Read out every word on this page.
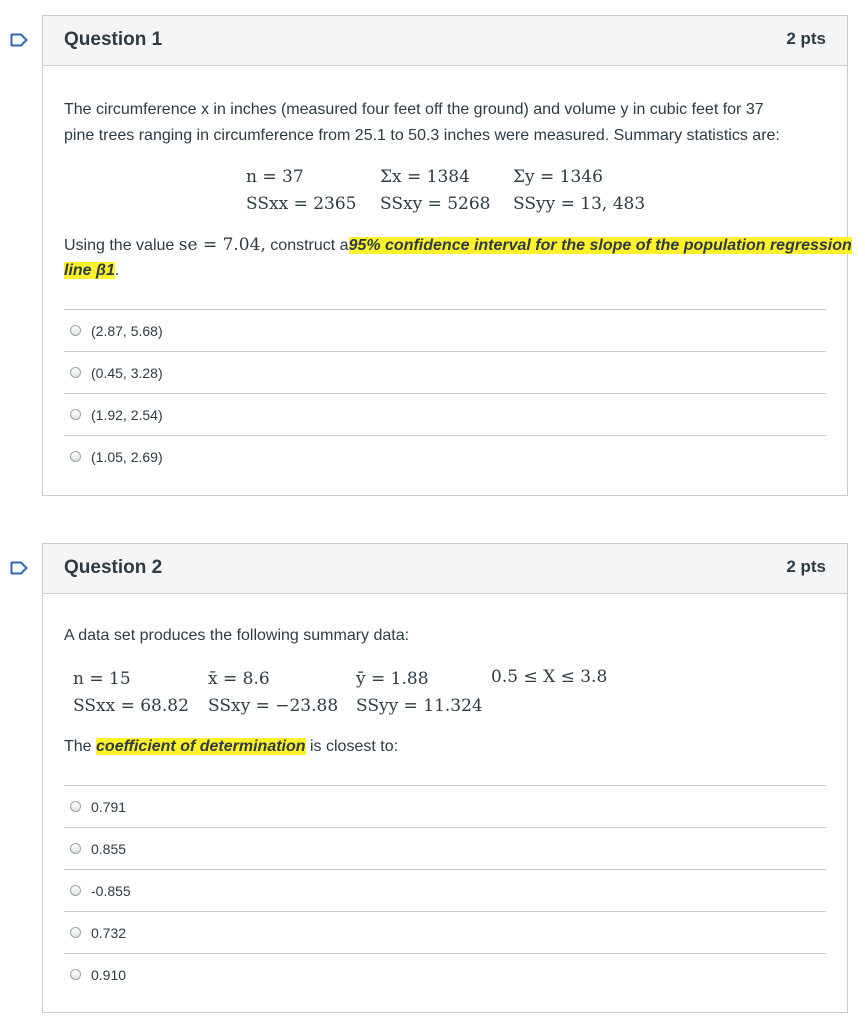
Question 1	2 pts
The circumference x in inches (measured four feet off the ground) and volume y in cubic feet for 37
pine trees ranging in circumference from 25.1 to 50.3 inches were measured. Summary statistics are:
n = 37	Σx = 1384	Σy = 1346
SSxx = 2365 SSxy = 5268 SSyy = 13, 483
Using the value se = 7.04, construct a95% confidence interval for the slope of the population regression
line β1.
(2.87, 5.68)
(0.45, 3.28)
(1.92, 2.54)
(1.05, 2.69)
Question 2	2 pts
A data set produces the following summary data:
n = 15	x̄ = 8.6	ȳ = 1.88	0.5 ≤ X ≤ 3.8
SSxx = 68.82 SSxy = −23.88 SSyy = 11.324
The coefficient of determination is closest to:
0.791
0.855
-0.855
0.732
0.910
